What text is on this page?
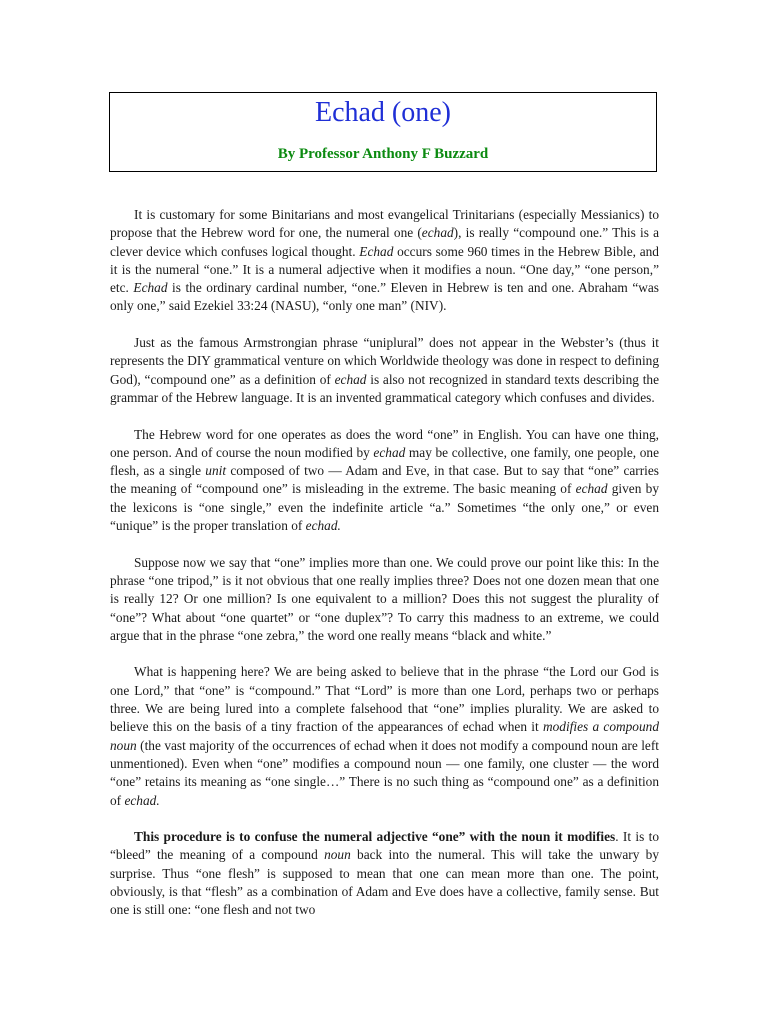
Echad (one)
By Professor Anthony F Buzzard

It is customary for some Binitarians and most evangelical Trinitarians (especially Messianics) to propose that the Hebrew word for one, the numeral one (echad), is really “compound one.” This is a clever device which confuses logical thought. Echad occurs some 960 times in the Hebrew Bible, and it is the numeral “one.” It is a numeral adjective when it modifies a noun. “One day,” “one person,” etc. Echad is the ordinary cardinal number, “one.” Eleven in Hebrew is ten and one. Abraham “was only one,” said Ezekiel 33:24 (NASU), “only one man” (NIV).

Just as the famous Armstrongian phrase “uniplural” does not appear in the Webster’s (thus it represents the DIY grammatical venture on which Worldwide theology was done in respect to defining God), “compound one” as a definition of echad is also not recognized in standard texts describing the grammar of the Hebrew language. It is an invented grammatical category which confuses and divides.

The Hebrew word for one operates as does the word “one” in English. You can have one thing, one person. And of course the noun modified by echad may be collective, one family, one people, one flesh, as a single unit composed of two — Adam and Eve, in that case. But to say that “one” carries the meaning of “compound one” is misleading in the extreme. The basic meaning of echad given by the lexicons is “one single,” even the indefinite article “a.” Sometimes “the only one,” or even “unique” is the proper translation of echad.

Suppose now we say that “one” implies more than one. We could prove our point like this: In the phrase “one tripod,” is it not obvious that one really implies three? Does not one dozen mean that one is really 12? Or one million? Is one equivalent to a million? Does this not suggest the plurality of “one”? What about “one quartet” or “one duplex”? To carry this madness to an extreme, we could argue that in the phrase “one zebra,” the word one really means “black and white.”

What is happening here? We are being asked to believe that in the phrase “the Lord our God is one Lord,” that “one” is “compound.” That “Lord” is more than one Lord, perhaps two or perhaps three. We are being lured into a complete falsehood that “one” implies plurality. We are asked to believe this on the basis of a tiny fraction of the appearances of echad when it modifies a compound noun (the vast majority of the occurrences of echad when it does not modify a compound noun are left unmentioned). Even when “one” modifies a compound noun — one family, one cluster — the word “one” retains its meaning as “one single…” There is no such thing as “compound one” as a definition of echad.

This procedure is to confuse the numeral adjective “one” with the noun it modifies. It is to “bleed” the meaning of a compound noun back into the numeral. This will take the unwary by surprise. Thus “one flesh” is supposed to mean that one can mean more than one. The point, obviously, is that “flesh” as a combination of Adam and Eve does have a collective, family sense. But one is still one: “one flesh and not two
